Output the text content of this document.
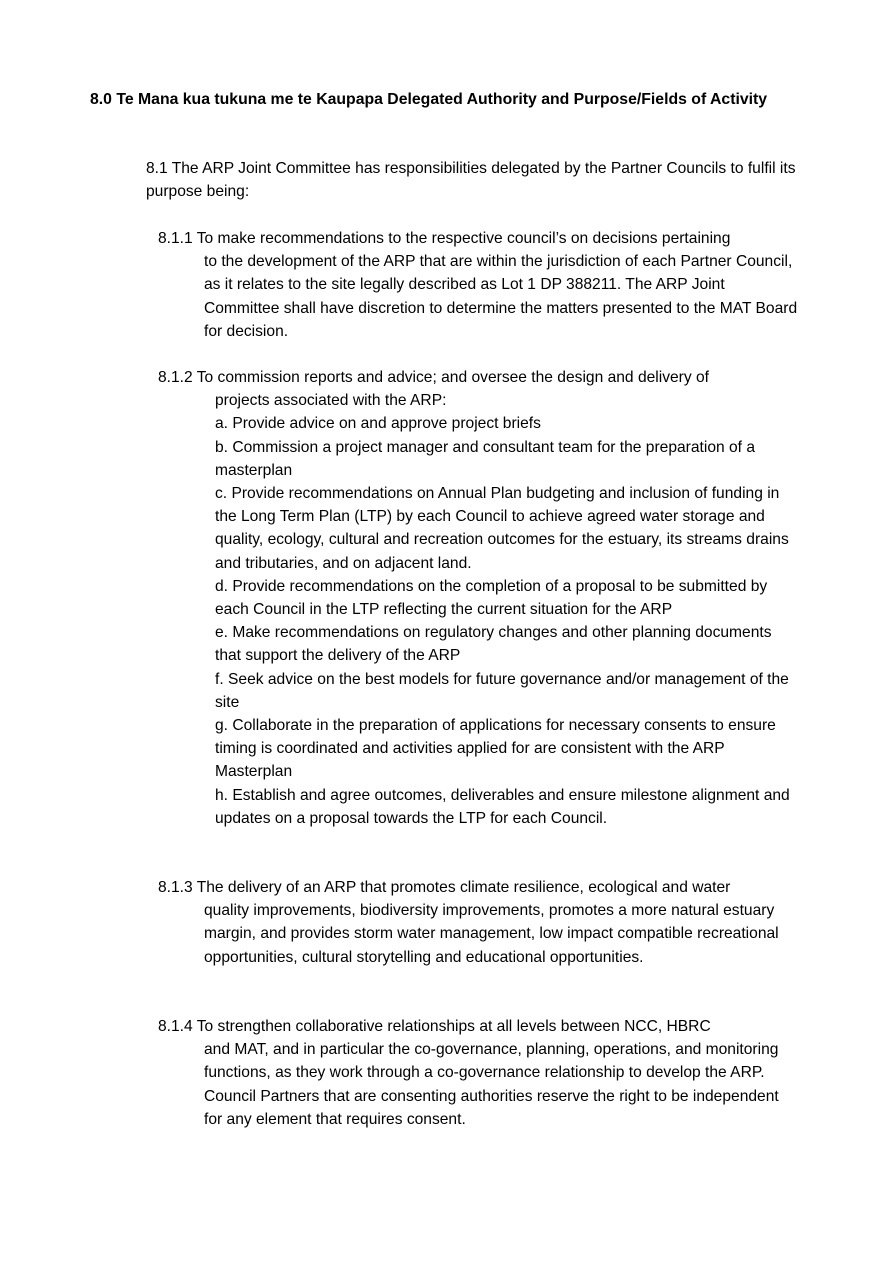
8.0 Te Mana kua tukuna me te Kaupapa Delegated Authority and Purpose/Fields of Activity
8.1 The ARP Joint Committee has responsibilities delegated by the Partner Councils to fulfil its purpose being:
8.1.1 To make recommendations to the respective council’s on decisions pertaining
to the development of the ARP that are within the jurisdiction of each Partner Council, as it relates to the site legally described as Lot 1 DP 388211. The ARP Joint Committee shall have discretion to determine the matters presented to the MAT Board for decision.
8.1.2 To commission reports and advice; and oversee the design and delivery of
projects associated with the ARP:
a. Provide advice on and approve project briefs
b. Commission a project manager and consultant team for the preparation of a masterplan
c. Provide recommendations on Annual Plan budgeting and inclusion of funding in the Long Term Plan (LTP) by each Council to achieve agreed water storage and quality, ecology, cultural and recreation outcomes for the estuary, its streams drains and tributaries, and on adjacent land.
d. Provide recommendations on the completion of a proposal to be submitted by each Council in the LTP reflecting the current situation for the ARP
e. Make recommendations on regulatory changes and other planning documents that support the delivery of the ARP
f. Seek advice on the best models for future governance and/or management of the site
g. Collaborate in the preparation of applications for necessary consents to ensure timing is coordinated and activities applied for are consistent with the ARP Masterplan
h. Establish and agree outcomes, deliverables and ensure milestone alignment and updates on a proposal towards the LTP for each Council.
8.1.3 The delivery of an ARP that promotes climate resilience, ecological and water
quality improvements, biodiversity improvements, promotes a more natural estuary margin, and provides storm water management, low impact compatible recreational opportunities, cultural storytelling and educational opportunities.
8.1.4 To strengthen collaborative relationships at all levels between NCC, HBRC
and MAT, and in particular the co-governance, planning, operations, and monitoring functions, as they work through a co-governance relationship to develop the ARP. Council Partners that are consenting authorities reserve the right to be independent for any element that requires consent.
